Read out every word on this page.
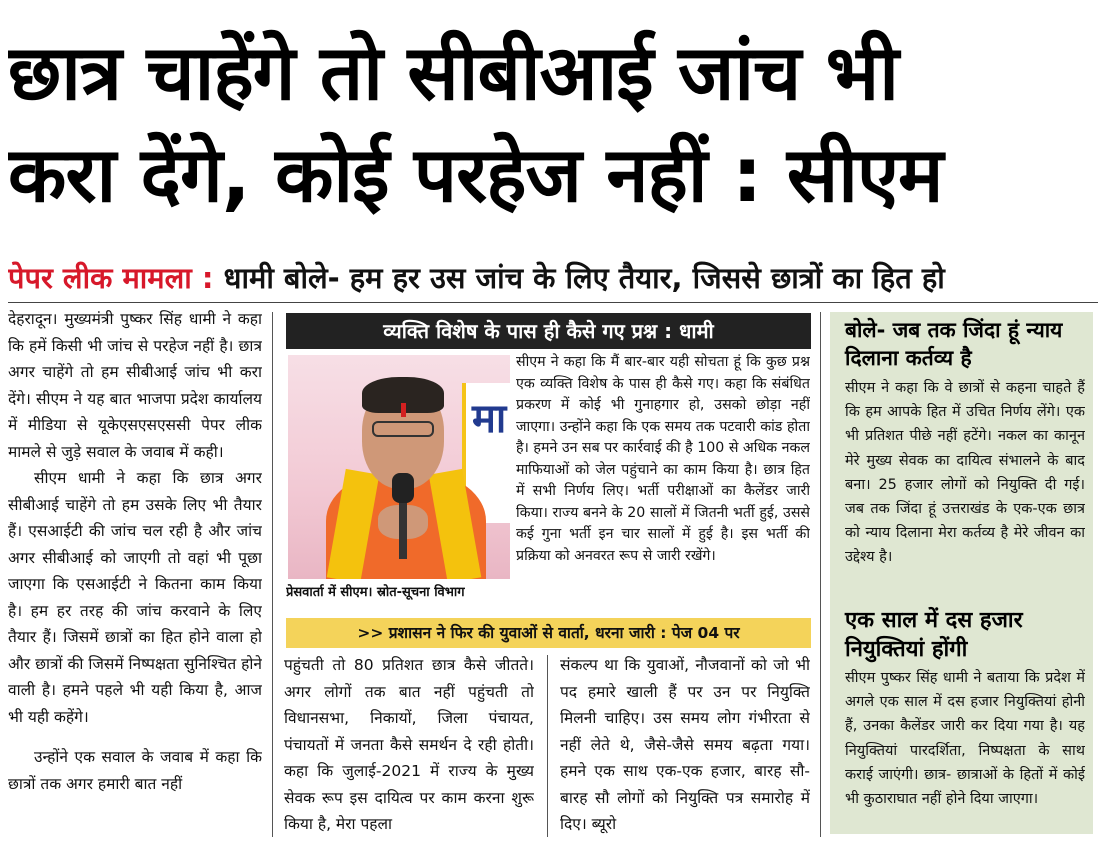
छात्र चाहेंगे तो सीबीआई जांच भी
करा देंगे, कोई परहेज नहीं : सीएम
पेपर लीक मामला : धामी बोले- हम हर उस जांच के लिए तैयार, जिससे छात्रों का हित हो

देहरादून। मुख्यमंत्री पुष्कर सिंह धामी ने कहा कि हमें किसी भी जांच से परहेज नहीं है। छात्र अगर चाहेंगे तो हम सीबीआई जांच भी करा देंगे। सीएम ने यह बात भाजपा प्रदेश कार्यालय में मीडिया से यूकेएसएसएससी पेपर लीक मामले से जुड़े सवाल के जवाब में कही।

सीएम धामी ने कहा कि छात्र अगर सीबीआई चाहेंगे तो हम उसके लिए भी तैयार हैं। एसआईटी की जांच चल रही है और जांच अगर सीबीआई को जाएगी तो वहां भी पूछा जाएगा कि एसआईटी ने कितना काम किया है। हम हर तरह की जांच करवाने के लिए तैयार हैं। जिसमें छात्रों का हित होने वाला हो और छात्रों की जिसमें निष्पक्षता सुनिश्चित होने वाली है। हमने पहले भी यही किया है, आज भी यही कहेंगे।

उन्होंने एक सवाल के जवाब में कहा कि छात्रों तक अगर हमारी बात नहीं

व्यक्ति विशेष के पास ही कैसे गए प्रश्न : धामी
मा
प्रेसवार्ता में सीएम। स्रोत-सूचना विभाग

सीएम ने कहा कि मैं बार-बार यही सोचता हूं कि कुछ प्रश्न एक व्यक्ति विशेष के पास ही कैसे गए। कहा कि संबंधित प्रकरण में कोई भी गुनाहगार हो, उसको छोड़ा नहीं जाएगा। उन्होंने कहा कि एक समय तक पटवारी कांड होता है। हमने उन सब पर कार्रवाई की है 100 से अधिक नकल माफियाओं को जेल पहुंचाने का काम किया है। छात्र हित में सभी निर्णय लिए। भर्ती परीक्षाओं का कैलेंडर जारी किया। राज्य बनने के 20 सालों में जितनी भर्ती हुई, उससे कई गुना भर्ती इन चार सालों में हुई है। इस भर्ती की प्रक्रिया को अनवरत रूप से जारी रखेंगे।

>> प्रशासन ने फिर की युवाओं से वार्ता, धरना जारी : पेज 04 पर

पहुंचती तो 80 प्रतिशत छात्र कैसे जीतते। अगर लोगों तक बात नहीं पहुंचती तो विधानसभा, निकायों, जिला पंचायत, पंचायतों में जनता कैसे समर्थन दे रही होती। कहा कि जुलाई-2021 में राज्य के मुख्य सेवक रूप इस दायित्व पर काम करना शुरू किया है, मेरा पहला

संकल्प था कि युवाओं, नौजवानों को जो भी पद हमारे खाली हैं पर उन पर नियुक्ति मिलनी चाहिए। उस समय लोग गंभीरता से नहीं लेते थे, जैसे-जैसे समय बढ़ता गया। हमने एक साथ एक-एक हजार, बारह सौ-बारह सौ लोगों को नियुक्ति पत्र समारोह में दिए। ब्यूरो

बोले- जब तक जिंदा हूं न्याय दिलाना कर्तव्य है
सीएम ने कहा कि वे छात्रों से कहना चाहते हैं कि हम आपके हित में उचित निर्णय लेंगे। एक भी प्रतिशत पीछे नहीं हटेंगे। नकल का कानून मेरे मुख्य सेवक का दायित्व संभालने के बाद बना। 25 हजार लोगों को नियुक्ति दी गई। जब तक जिंदा हूं उत्तराखंड के एक-एक छात्र को न्याय दिलाना मेरा कर्तव्य है मेरे जीवन का उद्देश्य है।
एक साल में दस हजार नियुक्तियां होंगी
सीएम पुष्कर सिंह धामी ने बताया कि प्रदेश में अगले एक साल में दस हजार नियुक्तियां होनी हैं, उनका कैलेंडर जारी कर दिया गया है। यह नियुक्तियां पारदर्शिता, निष्पक्षता के साथ कराई जाएंगी। छात्र- छात्राओं के हितों में कोई भी कुठाराघात नहीं होने दिया जाएगा।
